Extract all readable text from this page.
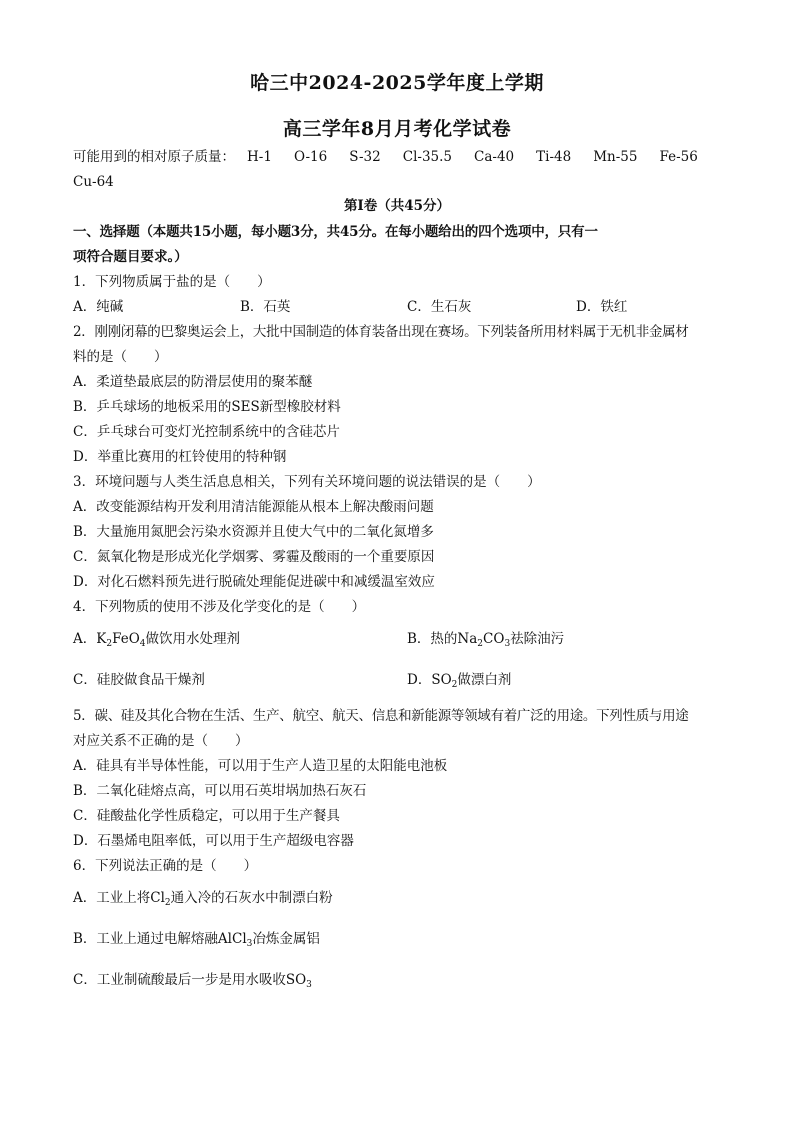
哈三中2024-2025学年度上学期
高三学年8月月考化学试卷
可能用到的相对原子质量： H-1 O-16 S-32 Cl-35.5 Ca-40 Ti-48 Mn-55 Fe-56
Cu-64
第Ⅰ卷（共45分）
一、选择题（本题共15小题，每小题3分，共45分。在每小题给出的四个选项中，只有一
项符合题目要求。）
1．下列物质属于盐的是（　　）
A．纯碱	B．石英	C．生石灰	D．铁红
2．刚刚闭幕的巴黎奥运会上，大批中国制造的体育装备出现在赛场。下列装备所用材料属于无机非金属材
料的是（　　）
A．柔道垫最底层的防滑层使用的聚苯醚
B．乒乓球场的地板采用的SES新型橡胶材料
C．乒乓球台可变灯光控制系统中的含硅芯片
D．举重比赛用的杠铃使用的特种钢
3．环境问题与人类生活息息相关，下列有关环境问题的说法错误的是（　　）
A．改变能源结构开发利用清洁能源能从根本上解决酸雨问题
B．大量施用氮肥会污染水资源并且使大气中的二氧化氮增多
C．氮氧化物是形成光化学烟雾、雾霾及酸雨的一个重要原因
D．对化石燃料预先进行脱硫处理能促进碳中和减缓温室效应
4．下列物质的使用不涉及化学变化的是（　　）
A．$K_2FeO_4$做饮用水处理剂	B．热的$Na_2CO_3$祛除油污
C．硅胶做食品干燥剂	D．$SO_2$做漂白剂
5．碳、硅及其化合物在生活、生产、航空、航天、信息和新能源等领域有着广泛的用途。下列性质与用途
对应关系不正确的是（　　）
A．硅具有半导体性能，可以用于生产人造卫星的太阳能电池板
B．二氧化硅熔点高，可以用石英坩埚加热石灰石
C．硅酸盐化学性质稳定，可以用于生产餐具
D．石墨烯电阻率低，可以用于生产超级电容器
6．下列说法正确的是（　　）
A．工业上将$Cl_2$通入冷的石灰水中制漂白粉
B．工业上通过电解熔融AlCl$_3$冶炼金属铝
C．工业制硫酸最后一步是用水吸收$SO_3$
